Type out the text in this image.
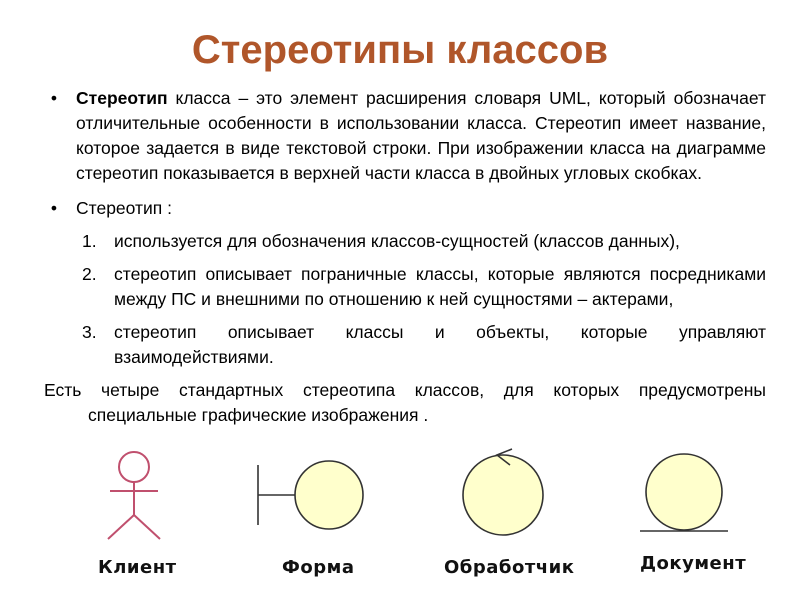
Стереотипы классов
•	Стереотип класса – это элемент расширения словаря UML, который обозначает отличительные особенности в использовании класса. Стереотип имеет название, которое задается в виде текстовой строки. При изображении класса на диаграмме стереотип показывается в верхней части класса в двойных угловых скобках.
•	Стереотип :
1. используется для обозначения классов-сущностей (классов данных),
2. стереотип описывает пограничные классы, которые являются посредниками между ПС и внешними по отношению к ней сущностями – актерами,
3. стереотип описывает классы и объекты, которые управляют взаимодействиями.
Есть четыре стандартных стереотипа классов, для которых предусмотрены специальные графические изображения .
Клиент	Форма	Обработчик	Документ
